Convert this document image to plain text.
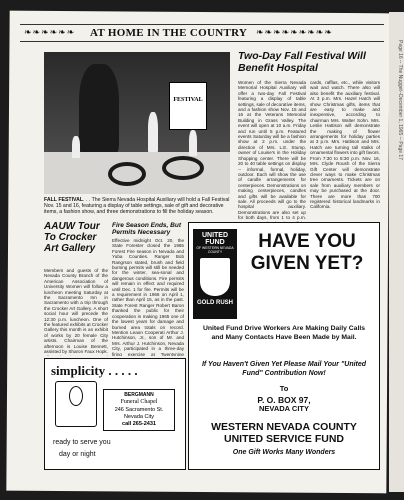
Page 16 -- The Nugget--December 1, 1965 -- Page 17
❧❧❧❧❧❧ AT HOME IN THE COUNTRY ❧❧❧❧❧❧❧❧❧
FESTIVAL
FALL FESTIVAL. . . The Sierra Nevada Hospital Auxiliary will hold a Fall Festival Nov. 15 and 16, featuring a display of table settings, sale of gift and decorative items, a fashion show, and three demonstrations to fill the holiday season.
Two-Day Fall Festival Will Benefit Hospital
Women of the Sierra Nevada Memorial Hospital Auxiliary will offer a two-day Fall Festival featuring a display of table settings, sale of decorative items, and a fashion show Nov. 15 and 16 at the Veterans Memorial Building in Grass Valley. The event will open at 10 a.m. Friday and run until 5 p.m. Featured events Saturday will be a fashion show at 2 p.m. under the direction of Mrs. L.E. Stump, owner of Louise's in the Holiday Shopping center. There will be 20 to 40 table settings on display -- informal, formal, holiday, outdoor. Each will show the use of candle arrangements for centerpieces. Demonstrations on making centerpieces, candles and gifts will be available for sale. All proceeds will go to the hospital auxiliary. Demonstrations are also set up for both days, from 1 to 4 p.m.
cards, rafflas, etc., while visitors wait and watch. There also will also benefit the auxiliary festival. At 3 p.m. Mrs. Hazel Hatch will show Christmas gifts, items that are easy to make and inexpensive, according to chairman Mrs. Walter Sohn. Mrs. Leslie Hattison will demonstrate the making of flower arrangements for holiday parties at 3 p.m. Mrs. Hattison and Mrs. Hatch are turning tall stalks of ornamental flowers into gift favors. From 7:30 to 8:30 p.m. Nov. 16, Mrs. Clyde Roush of the Sierra Gift Center will demonstrate clever ways to make Christmas tree ornaments. Tickets are on sale from auxiliary members or may be purchased at the door. There are more than 700 registered historical landmarks in California.
AAUW Tour To Crocker Art Gallery
Members and guests of the Nevada County Branch of the American Association of University Women will follow a luncheon meeting Saturday at the Sacramento Inn in Sacramento with a trip through the Crocker Art Gallery. A short social hour will precede the 12:30 p.m. luncheon. One of the featured exhibits at Crocker Gallery this month is an exhibit of works by 20 female City artists. Chairman of the afternoon is Louise Bennett, assisted by Sharon Faux Hopk.
Fire Season Ends, But Permits Necessary
Effective midnight Oct. 20, the State Forester closed the 1965 Forest Fire season in Nevada and Yuba Counties. Ranger Bob Rangrson stated, brush and field burning permits will still be needed for the winter, sea-sonal and dangerous conditions. Fire permits will remain in effect and required until Dec. 1 for fire. Permits will be a requirement in 1966 on April 1, rather than April 15, as in the past. State Forest Ranger Robert Baron thanked the public for their cooperation in making 1965 one of the lowest years for damage and burned area totals on record. Mention Leaon Cooperati Arthur J. Hutchinson, Jr., son of Mr. and Mrs. Arthur J. Hutchinson, Nevada City, participated in a three-day firing exercise at Twentynine
simplicity . . . . .
BERGMANN
Funeral Chapel
246 Sacramento St.
Nevada City
call 265-2431
ready to serve you
day or night
UNITED FUND
OF WESTERN NEVADA COUNTY
GOLD RUSH
HAVE YOU GIVEN YET?
United Fund Drive Workers Are Making Daily Calls and Many Contacts Have Been Made by Mail.
If You Haven't Given Yet Please Mail Your "United Fund" Contribution Now!
To
P. O. BOX 97,
NEVADA CITY
WESTERN NEVADA COUNTY UNITED SERVICE FUND
One Gift Works Many Wonders
